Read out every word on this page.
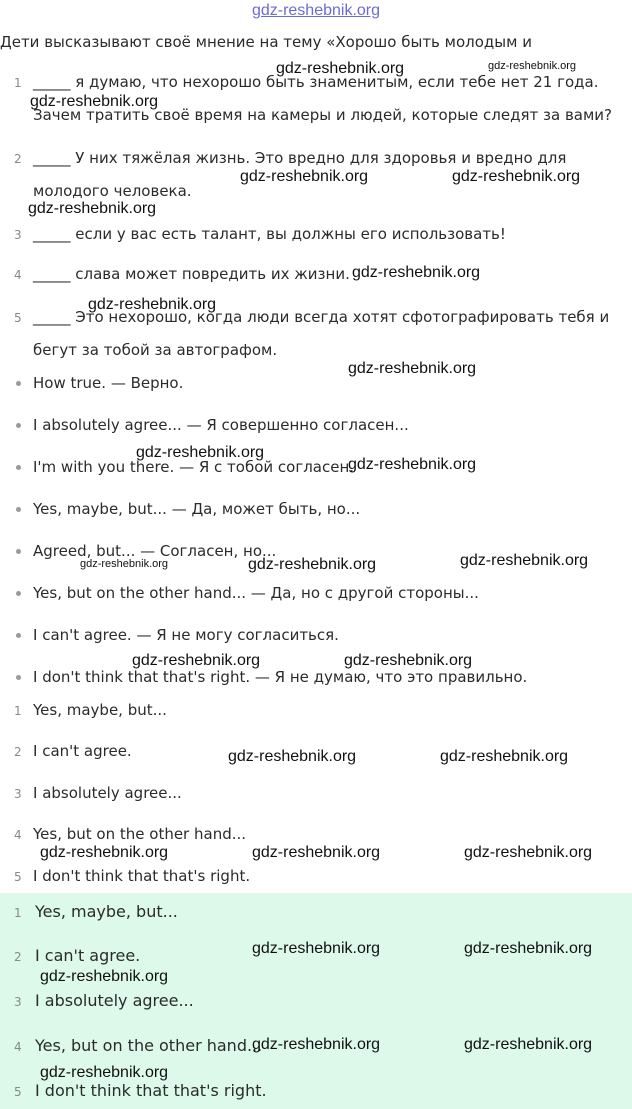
gdz-reshebnik.org
Дети высказывают своё мнение на тему «Хорошо быть молодым и
1 _____ я думаю, что нехорошо быть знаменитым, если тебе нет 21 года.
Зачем тратить своё время на камеры и людей, которые следят за вами?
2 _____ У них тяжёлая жизнь. Это вредно для здоровья и вредно для
молодого человека.
3 _____ если у вас есть талант, вы должны его использовать!
4 _____ слава может повредить их жизни.
5 _____ Это нехорошо, когда люди всегда хотят сфотографировать тебя и
бегут за тобой за автографом.
How true. — Верно.
I absolutely agree... — Я совершенно согласен...
I'm with you there. — Я с тобой согласен.
Yes, maybe, but... — Да, может быть, но...
Agreed, but... — Согласен, но...
Yes, but on the other hand... — Да, но с другой стороны...
I can't agree. — Я не могу согласиться.
I don't think that that's right. — Я не думаю, что это правильно.
1 Yes, maybe, but...
2 I can't agree.
3 I absolutely agree...
4 Yes, but on the other hand...
5 I don't think that that's right.
1 Yes, maybe, but...
2 I can't agree.
3 I absolutely agree...
4 Yes, but on the other hand...
5 I don't think that that's right.
gdz-reshebnik.org	gdz-reshebnik.org
gdz-reshebnik.org
gdz-reshebnik.org	gdz-reshebnik.org
gdz-reshebnik.org
gdz-reshebnik.org
gdz-reshebnik.org
gdz-reshebnik.org
gdz-reshebnik.org
gdz-reshebnik.org
gdz-reshebnik.org	gdz-reshebnik.org	gdz-reshebnik.org
gdz-reshebnik.org	gdz-reshebnik.org
gdz-reshebnik.org	gdz-reshebnik.org
gdz-reshebnik.org	gdz-reshebnik.org	gdz-reshebnik.org
gdz-reshebnik.org	gdz-reshebnik.org
gdz-reshebnik.org
gdz-reshebnik.org	gdz-reshebnik.org
gdz-reshebnik.org
